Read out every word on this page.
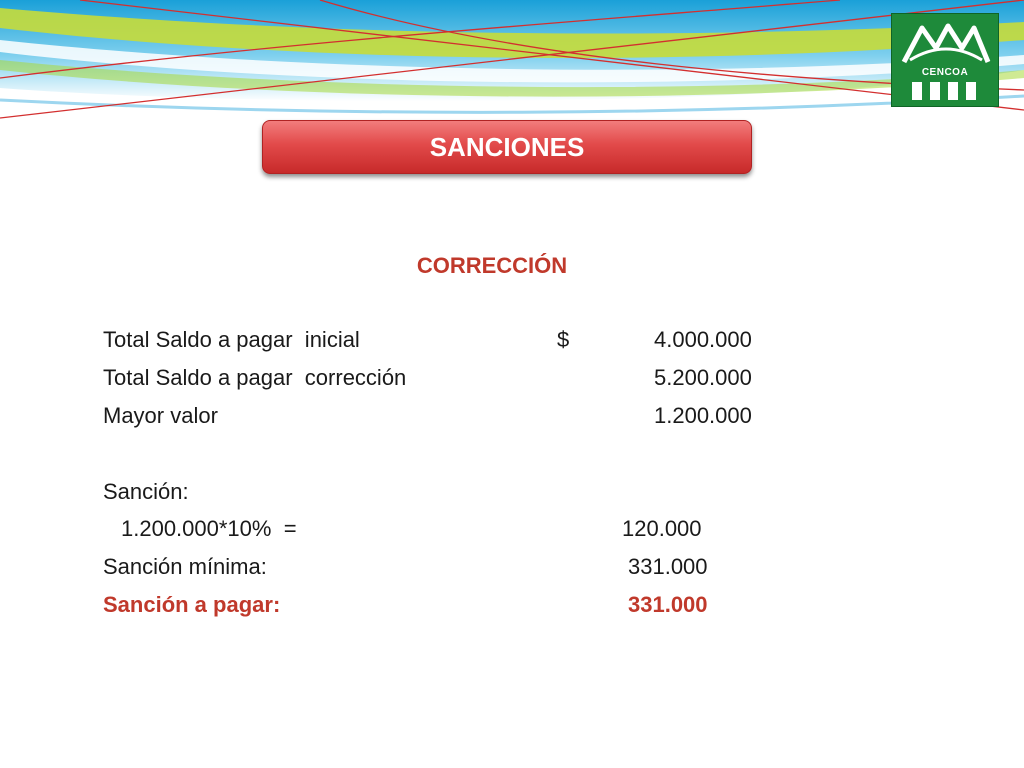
CENCOA
SANCIONES
CORRECCIÓN
Total Saldo a pagar  inicial	$	4.000.000
Total Saldo a pagar  corrección	5.200.000
Mayor valor	1.200.000
Sanción:
1.200.000*10%  =	120.000
Sanción mínima:	331.000
Sanción a pagar:	331.000
